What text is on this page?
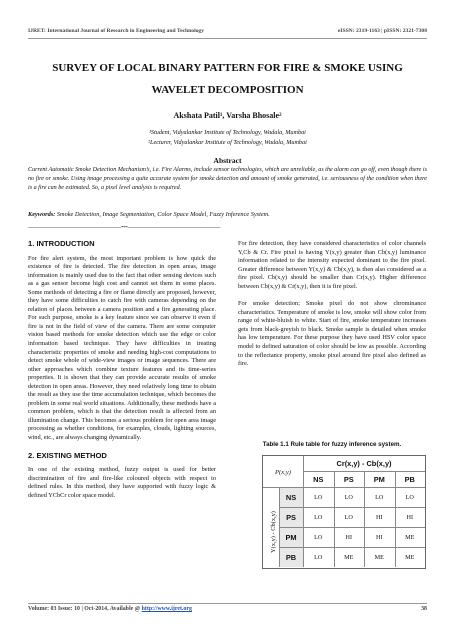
IJRET: International Journal of Research in Engineering and Technology	eISSN: 2319-1163 | pISSN: 2321-7308
SURVEY OF LOCAL BINARY PATTERN FOR FIRE & SMOKE USING
WAVELET DECOMPOSITION
Akshata Patil¹, Varsha Bhosale²
¹Student, Vidyalankar Institute of Technology, Wadala, Mumbai
²Lecturer, Vidyalankar Institute of Technology, Wadala, Mumbai
Abstract
Current Automatic Smoke Detection Mechanism’s, i.e. Fire Alarms, include sensor technologies, which are unreliable, as the alarm can go off, even though there is no fire or smoke. Using image processing a quite accurate system for smoke detection and amount of smoke generated, i.e. seriousness of the condition when there is a fire can be estimated. So, a pixel level analysis is required.
Keywords: Smoke Detection, Image Segmentation, Color Space Model, Fuzzy Inference System.
--------------------------------------------------------------------***--------------------------------------------------------------------
1. INTRODUCTION

For fire alert system, the most important problem is how quick the existence of fire is detected. The fire detection in open areas, image information is mainly used due to the fact that other sensing devices such as a gas sensor become high cost and cannot set them in some places. Some methods of detecting a fire or flame directly are proposed, however, they have some difficulties to catch fire with cameras depending on the relation of places between a camera position and a fire generating place. For such purpose, smoke is a key feature since we can observe it even if fire is not in the field of view of the camera. There are some computer vision based methods for smoke detection which use the edge or color information based technique. They have difficulties in treating characteristic properties of smoke and needing high-cost computations to detect smoke whole of wide-view images or image sequences. There are other approaches which combine texture features and its time-series properties. It is shown that they can provide accurate results of smoke detection in open areas. However, they need relatively long time to obtain the result as they use the time accumulation technique, which becomes the problem in some real world situations. Additionally, these methods have a common problem, which is that the detection result is affected from an illumination change. This becomes a serious problem for open area image processing as whether conditions, for examples, clouds, lighting sources, wind, etc., are always changing dynamically.

2. EXISTING METHOD

In one of the existing method, fuzzy output is used for better discrimination of fire and fire-like coloured objects with respect to defined rules. In this method, they have supported with fuzzy logic & defined YCbCr color space model.

For fire detection, they have considered characteristics of color channels Y,Cb & Cr. Fire pixel is having Y(x,y) greater than Cb(x,y) luminance information related to the intensity expected dominant to the fire pixel. Greater difference between Y(x,y) & Cb(x,y), is then also considered as a fire pixel. Cb(x,y) should be smaller than Cr(x,y). Higher difference between Cb(x,y) & Cr(x,y), then it is fire pixel.

For smoke detection; Smoke pixel do not show chrominance characteristics. Temperature of smoke is low, smoke will show color from range of white-bluish to white. Start of fire, smoke temperature increases gets from black-greyish to black. Smoke sample is detailed when smoke has low temperature. For these purpose they have used HSV color space model to defined saturation of color should be low as possible. According to the reflectance property, smoke pixel around fire pixel also defined as fire.

Table 1.1 Rule table for fuzzy inference system.
Cr(x,y) - Cb(x,y)
P(x,y)
Y(x,y) - Cb(x,y)
NS	PS	PM	PB
NS	LO	LO	LO	LO
PS	LO	LO	HI	HI
PM	LO	HI	HI	ME
PB	LO	ME	ME	ME
Volume: 03 Issue: 10 | Oct-2014, Available @ http://www.ijret.org	38
